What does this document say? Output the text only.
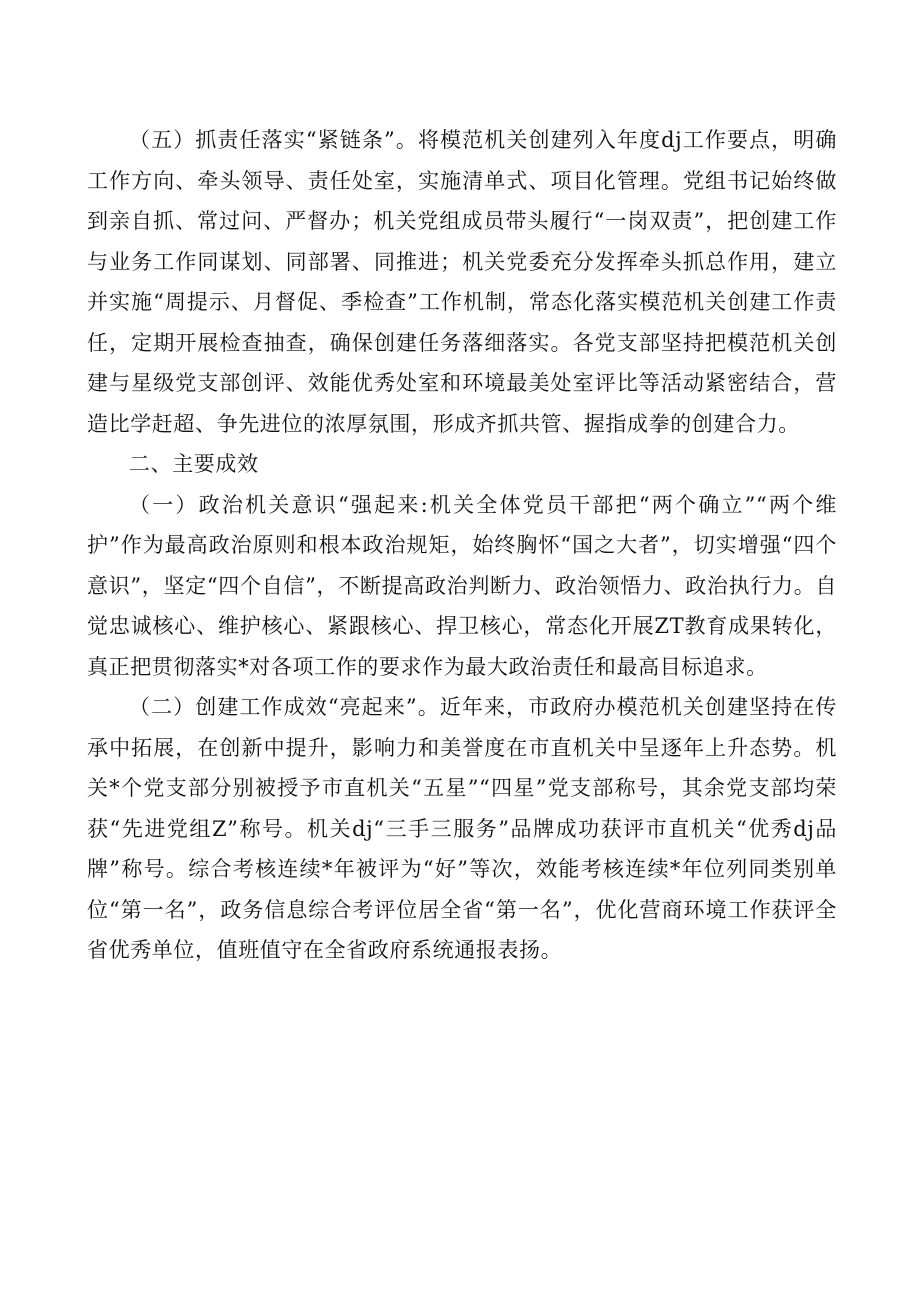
（五）抓责任落实“紧链条”。将模范机关创建列入年度dj工作要点，明确工作方向、牵头领导、责任处室，实施清单式、项目化管理。党组书记始终做到亲自抓、常过问、严督办；机关党组成员带头履行“一岗双责”，把创建工作与业务工作同谋划、同部署、同推进；机关党委充分发挥牵头抓总作用，建立并实施“周提示、月督促、季检查”工作机制，常态化落实模范机关创建工作责任，定期开展检查抽查，确保创建任务落细落实。各党支部坚持把模范机关创建与星级党支部创评、效能优秀处室和环境最美处室评比等活动紧密结合，营造比学赶超、争先进位的浓厚氛围，形成齐抓共管、握指成拳的创建合力。

二、主要成效

（一）政治机关意识“强起来:机关全体党员干部把“两个确立”“两个维护”作为最高政治原则和根本政治规矩，始终胸怀“国之大者”，切实增强“四个意识”，坚定“四个自信”，不断提高政治判断力、政治领悟力、政治执行力。自觉忠诚核心、维护核心、紧跟核心、捍卫核心，常态化开展ZT教育成果转化，真正把贯彻落实*对各项工作的要求作为最大政治责任和最高目标追求。

（二）创建工作成效“亮起来”。近年来，市政府办模范机关创建坚持在传承中拓展，在创新中提升，影响力和美誉度在市直机关中呈逐年上升态势。机关*个党支部分别被授予市直机关“五星”“四星”党支部称号，其余党支部均荣获“先进党组Z”称号。机关dj“三手三服务”品牌成功获评市直机关“优秀dj品牌”称号。综合考核连续*年被评为“好”等次，效能考核连续*年位列同类别单位“第一名”，政务信息综合考评位居全省“第一名”，优化营商环境工作获评全省优秀单位，值班值守在全省政府系统通报表扬。
